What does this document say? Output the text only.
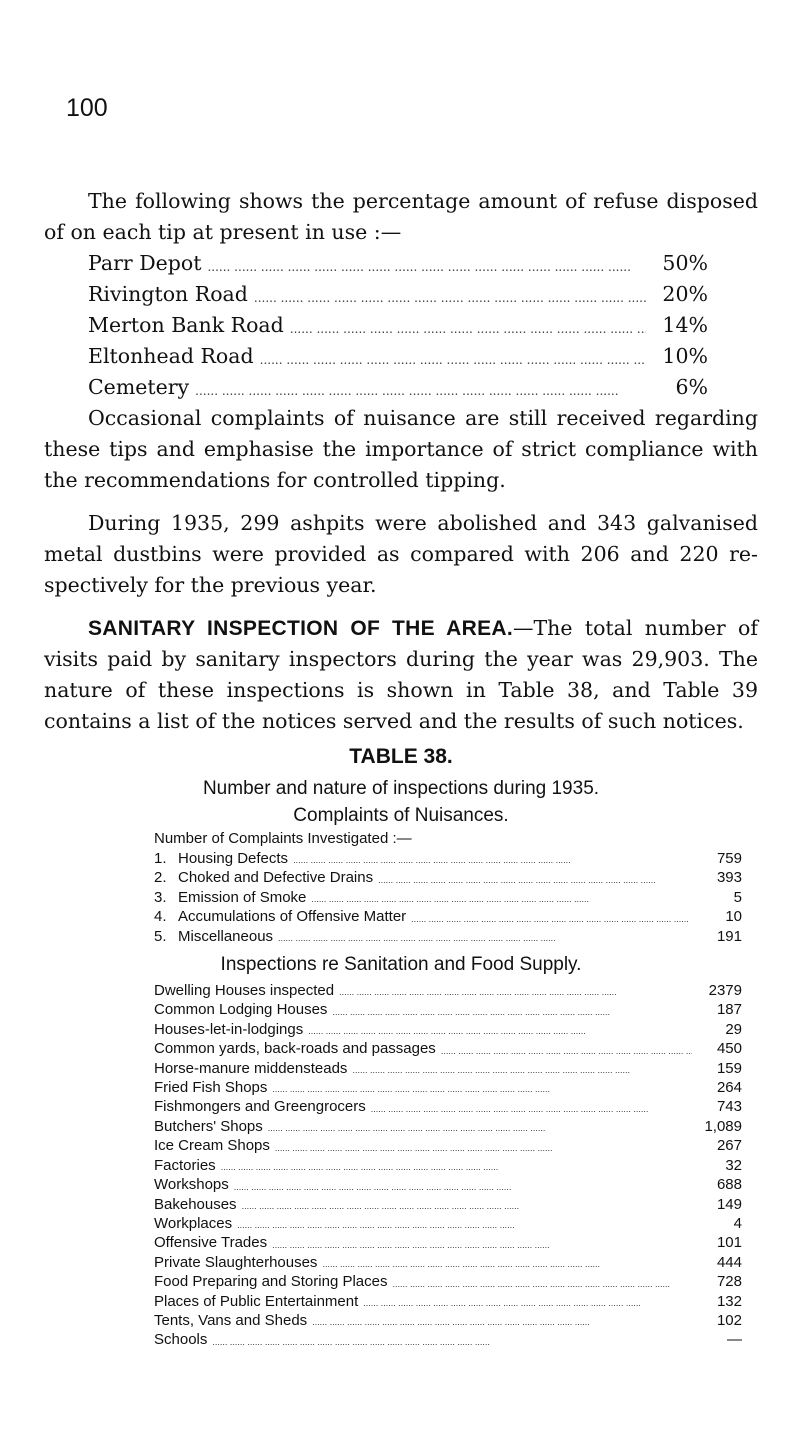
100

The following shows the percentage amount of refuse disposed of on each tip at present in use :—

Parr Depot .....	50%
Rivington Road .....	20%
Merton Bank Road .....	14%
Eltonhead Road .....	10%
Cemetery .....	6%

Occasional complaints of nuisance are still received regarding these tips and emphasise the importance of strict compliance with the recommendations for controlled tipping.

During 1935, 299 ashpits were abolished and 343 galvanised metal dustbins were provided as compared with 206 and 220 re-spectively for the previous year.

SANITARY INSPECTION OF THE AREA.—The total number of visits paid by sanitary inspectors during the year was 29,903. The nature of these inspections is shown in Table 38, and Table 39 contains a list of the notices served and the results of such notices.

TABLE 38.
Number and nature of inspections during 1935.
Complaints of Nuisances.
Number of Complaints Investigated :—
1. Housing Defects .....	759
2. Choked and Defective Drains .....	393
3. Emission of Smoke .....	5
4. Accumulations of Offensive Matter .....	10
5. Miscellaneous .....	191
Inspections re Sanitation and Food Supply.
Dwelling Houses inspected .....	2379
Common Lodging Houses .....	187
Houses-let-in-lodgings .....	29
Common yards, back-roads and passages .....	450
Horse-manure middensteads .....	159
Fried Fish Shops .....	264
Fishmongers and Greengrocers .....	743
Butchers' Shops .....	1,089
Ice Cream Shops .....	267
Factories .....	32
Workshops .....	688
Bakehouses .....	149
Workplaces .....	4
Offensive Trades .....	101
Private Slaughterhouses .....	444
Food Preparing and Storing Places .....	728
Places of Public Entertainment .....	132
Tents, Vans and Sheds .....	102
Schools .....	—
